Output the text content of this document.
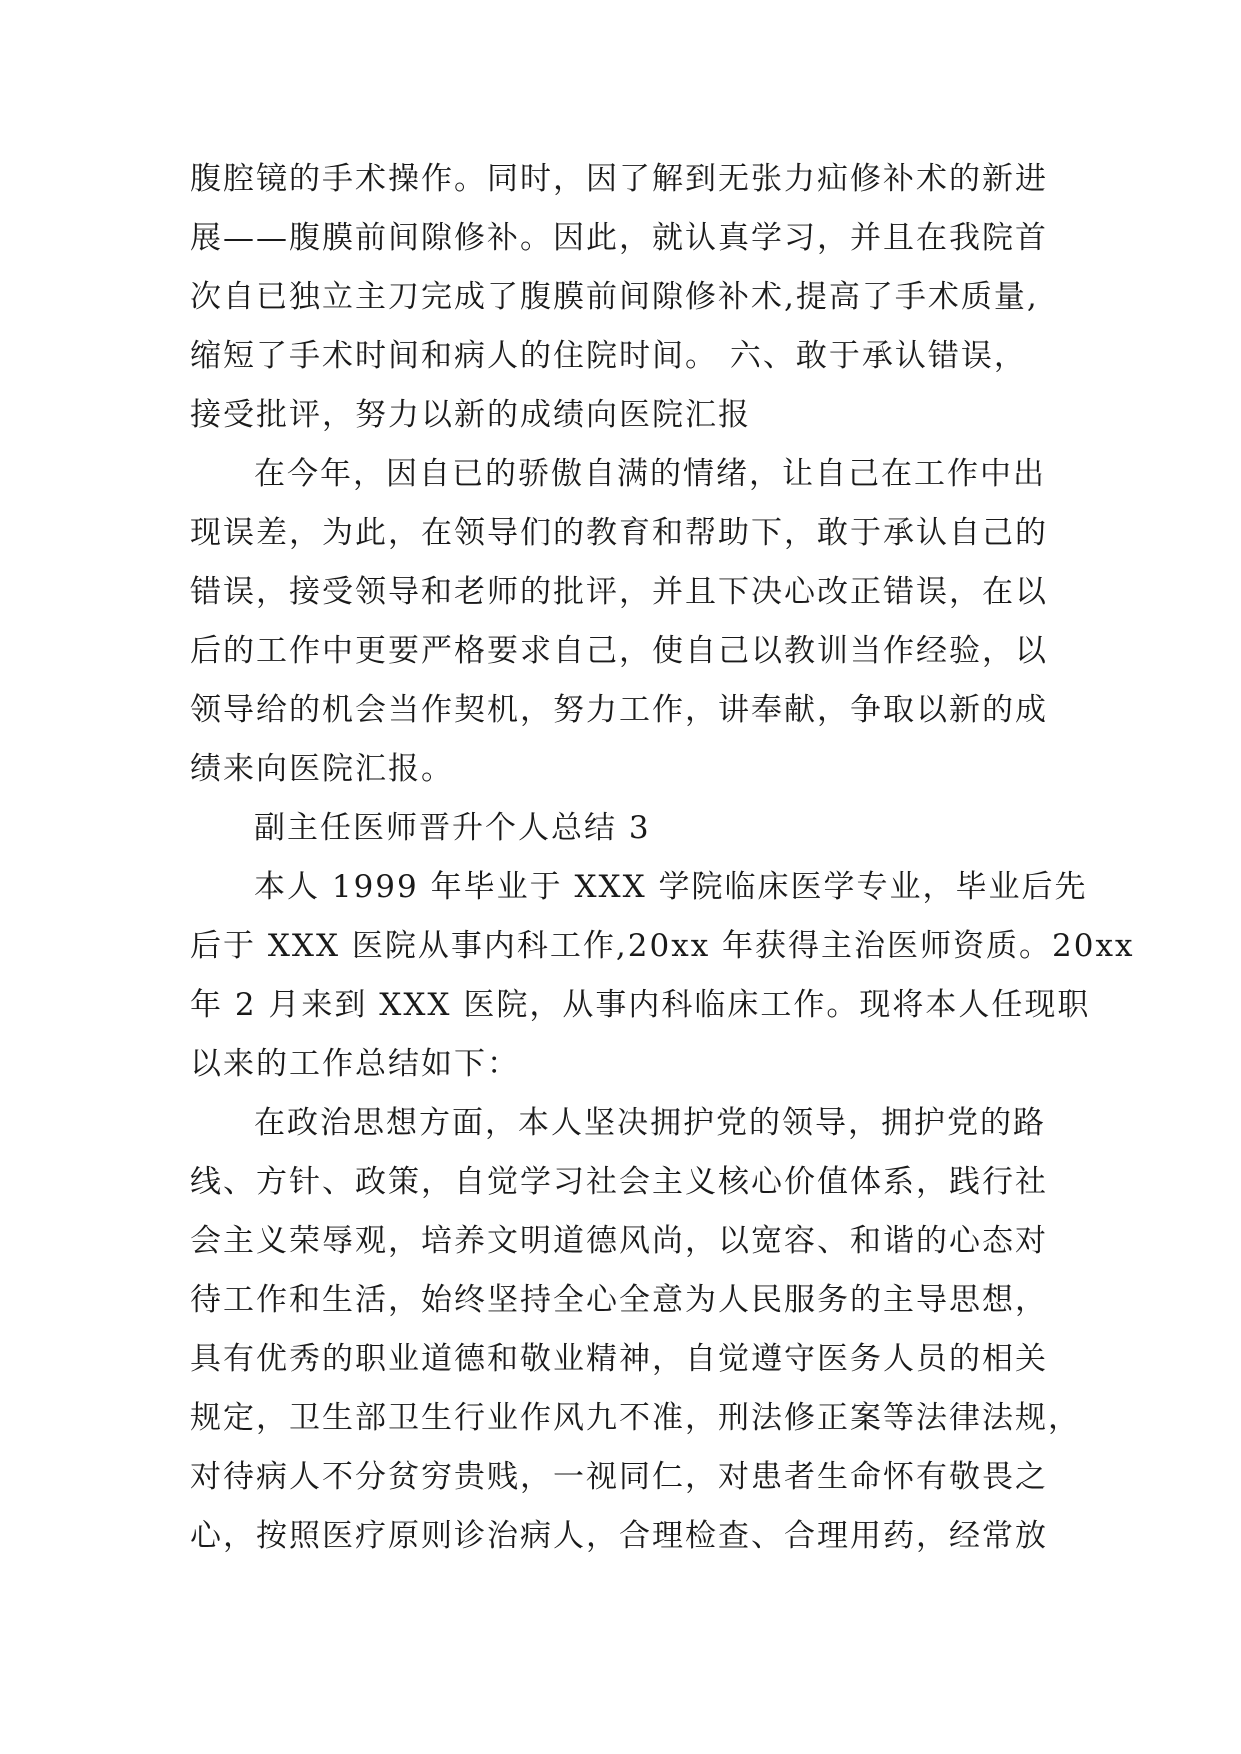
腹腔镜的手术操作。同时，因了解到无张力疝修补术的新进
展——腹膜前间隙修补。因此，就认真学习，并且在我院首
次自已独立主刀完成了腹膜前间隙修补术,提高了手术质量,
缩短了手术时间和病人的住院时间。 六、敢于承认错误，
接受批评，努力以新的成绩向医院汇报
在今年，因自已的骄傲自满的情绪，让自己在工作中出
现误差，为此，在领导们的教育和帮助下，敢于承认自己的
错误，接受领导和老师的批评，并且下决心改正错误，在以
后的工作中更要严格要求自己，使自己以教训当作经验，以
领导给的机会当作契机，努力工作，讲奉献，争取以新的成
绩来向医院汇报。
副主任医师晋升个人总结 3
本人 1999 年毕业于 XXX 学院临床医学专业，毕业后先
后于 XXX 医院从事内科工作,20xx 年获得主治医师资质。20xx
年 2 月来到 XXX 医院，从事内科临床工作。现将本人任现职
以来的工作总结如下：
在政治思想方面，本人坚决拥护党的领导，拥护党的路
线、方针、政策，自觉学习社会主义核心价值体系，践行社
会主义荣辱观，培养文明道德风尚，以宽容、和谐的心态对
待工作和生活，始终坚持全心全意为人民服务的主导思想，
具有优秀的职业道德和敬业精神，自觉遵守医务人员的相关
规定，卫生部卫生行业作风九不准，刑法修正案等法律法规，
对待病人不分贫穷贵贱，一视同仁，对患者生命怀有敬畏之
心，按照医疗原则诊治病人，合理检查、合理用药，经常放
